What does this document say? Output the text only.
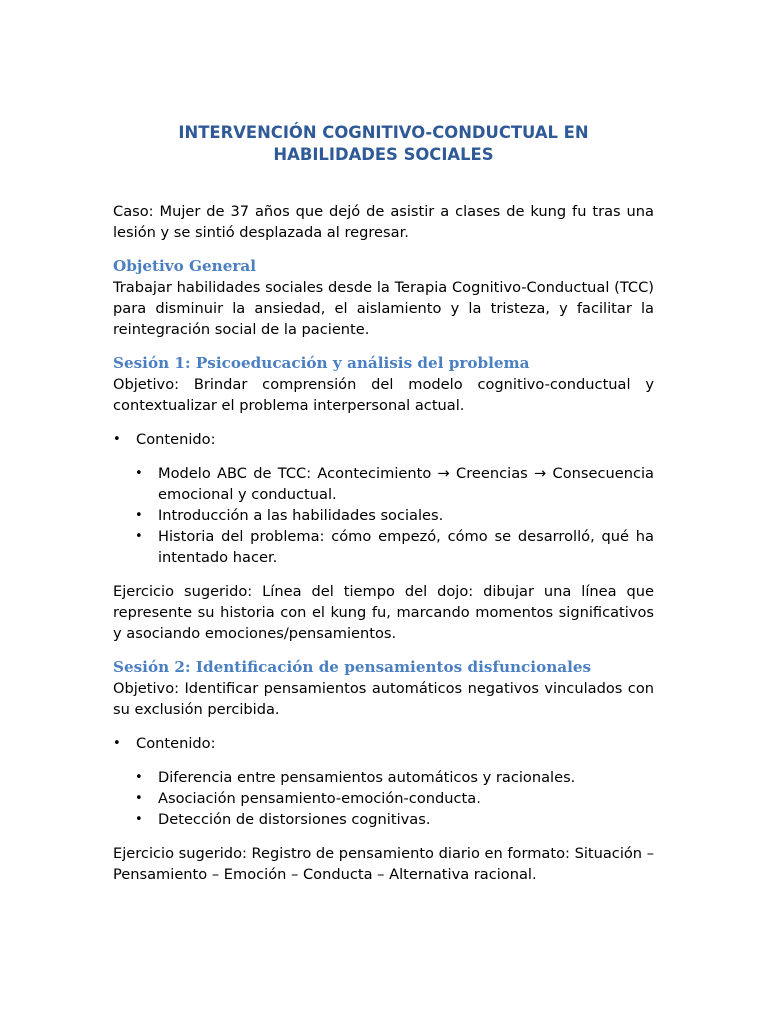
INTERVENCIÓN COGNITIVO-CONDUCTUAL EN
HABILIDADES SOCIALES

Caso: Mujer de 37 años que dejó de asistir a clases de kung fu tras una lesión y se sintió desplazada al regresar.

Objetivo General

Trabajar habilidades sociales desde la Terapia Cognitivo-Conductual (TCC) para disminuir la ansiedad, el aislamiento y la tristeza, y facilitar la reintegración social de la paciente.

Sesión 1: Psicoeducación y análisis del problema

Objetivo: Brindar comprensión del modelo cognitivo-conductual y contextualizar el problema interpersonal actual.

• Contenido:
• Modelo ABC de TCC: Acontecimiento → Creencias → Consecuencia emocional y conductual.
• Introducción a las habilidades sociales.
• Historia del problema: cómo empezó, cómo se desarrolló, qué ha intentado hacer.

Ejercicio sugerido: Línea del tiempo del dojo: dibujar una línea que represente su historia con el kung fu, marcando momentos significativos y asociando emociones/pensamientos.

Sesión 2: Identificación de pensamientos disfuncionales

Objetivo: Identificar pensamientos automáticos negativos vinculados con su exclusión percibida.

• Contenido:
• Diferencia entre pensamientos automáticos y racionales.
• Asociación pensamiento-emoción-conducta.
• Detección de distorsiones cognitivas.

Ejercicio sugerido: Registro de pensamiento diario en formato: Situación – Pensamiento – Emoción – Conducta – Alternativa racional.
